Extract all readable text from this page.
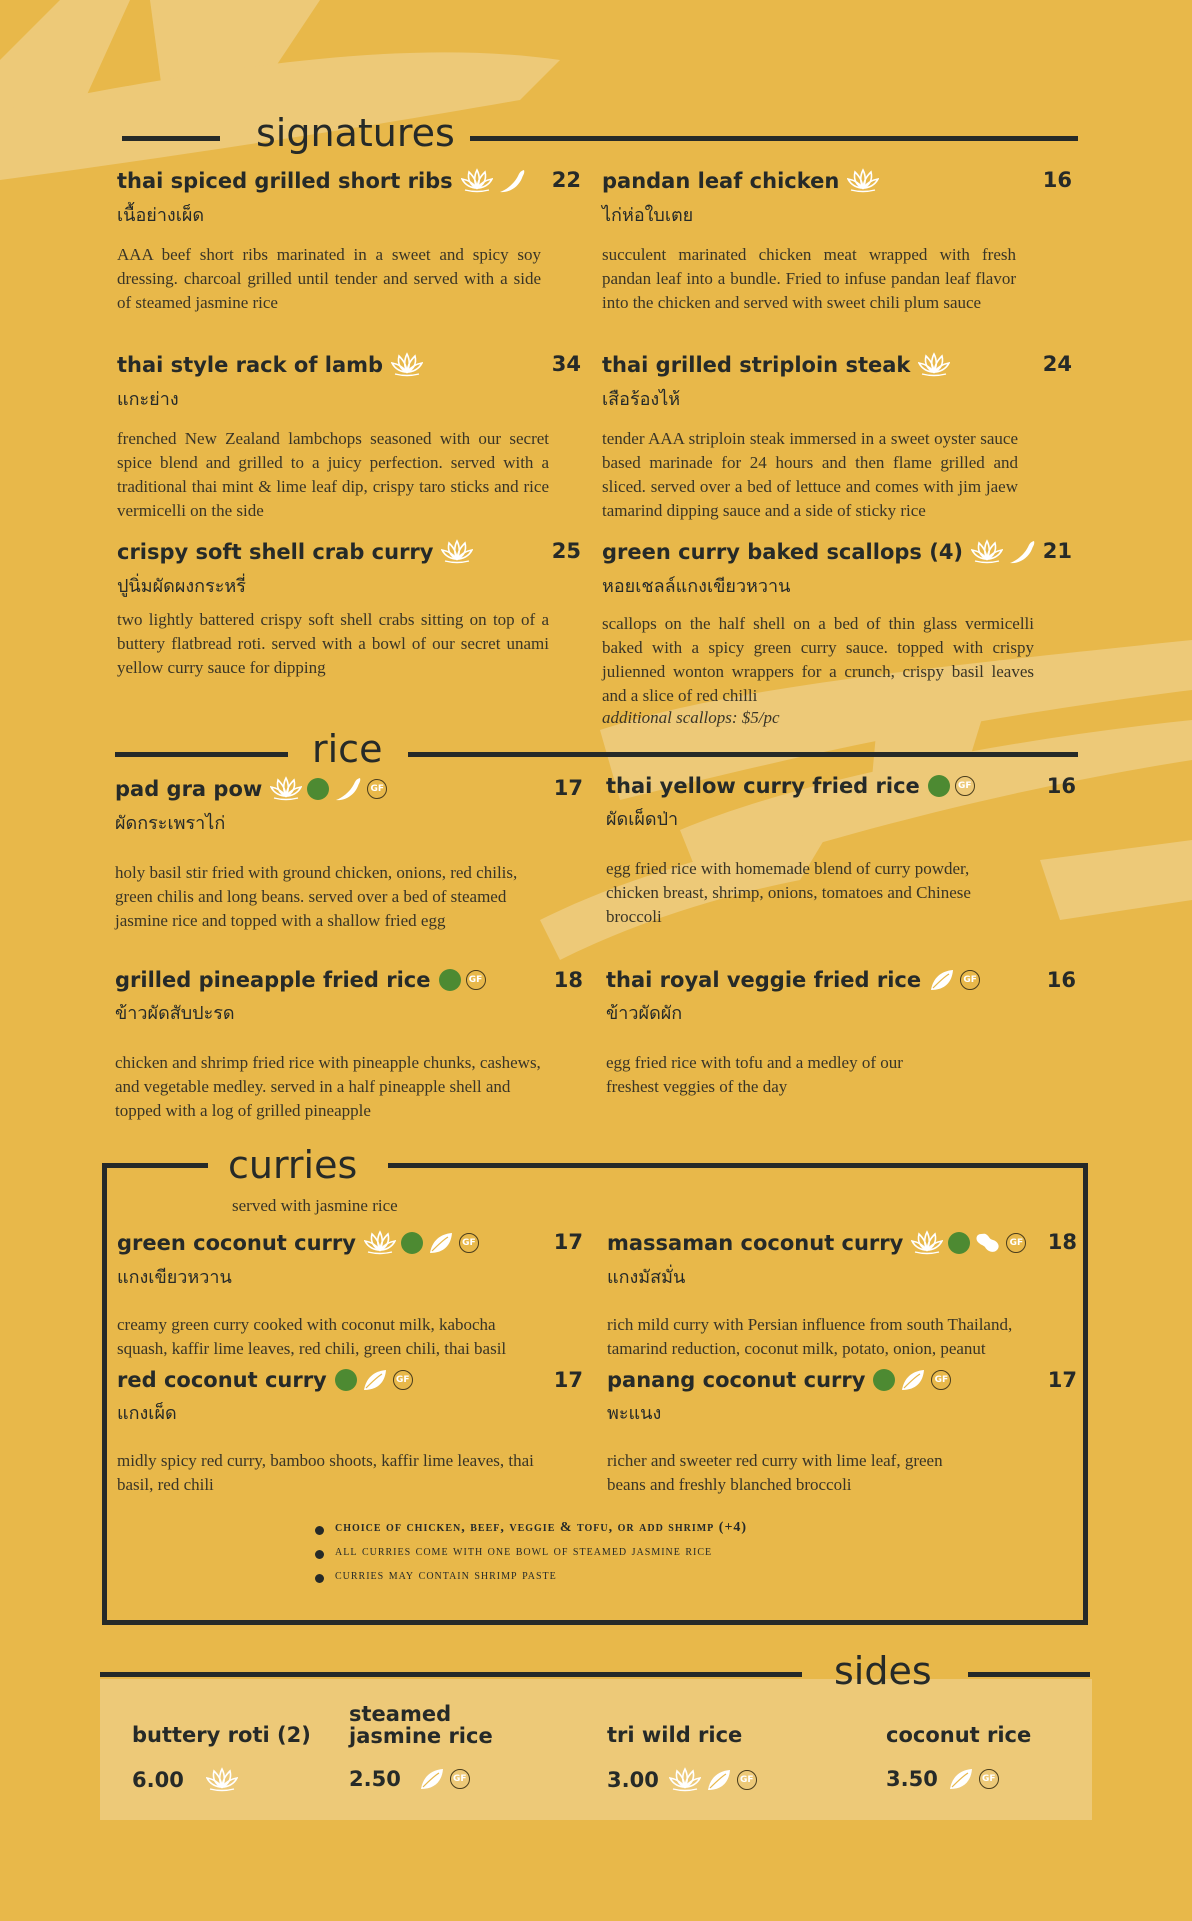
signatures
thai spiced grilled short ribs	22
เนื้อย่างเผ็ด
AAA beef short ribs marinated in a sweet and spicy soy dressing. charcoal grilled until tender and served with a side of steamed jasmine rice
pandan leaf chicken	16
ไก่ห่อใบเตย
succulent marinated chicken meat wrapped with fresh pandan leaf into a bundle. Fried to infuse pandan leaf flavor into the chicken and served with sweet chili plum sauce
thai style rack of lamb	34
แกะย่าง
frenched New Zealand lambchops seasoned with our secret spice blend and grilled to a juicy perfection. served with a traditional thai mint & lime leaf dip, crispy taro sticks and rice vermicelli on the side
thai grilled striploin steak	24
เสือร้องไห้
tender AAA striploin steak immersed in a sweet oyster sauce based marinade for 24 hours and then flame grilled and sliced. served over a bed of lettuce and comes with jim jaew tamarind dipping sauce and a side of sticky rice
crispy soft shell crab curry	25
ปูนิ่มผัดผงกระหรี่
two lightly battered crispy soft shell crabs sitting on top of a buttery flatbread roti. served with a bowl of our secret unami yellow curry sauce for dipping
green curry baked scallops (4)	21
หอยเชลล์แกงเขียวหวาน
scallops on the half shell on a bed of thin glass vermicelli baked with a spicy green curry sauce. topped with crispy julienned wonton wrappers for a crunch, crispy basil leaves and a slice of red chilli
additional scallops: $5/pc
rice
pad gra pow	GF	17
ผัดกระเพราไก่
holy basil stir fried with ground chicken, onions, red chilis, green chilis and long beans. served over a bed of steamed jasmine rice and topped with a shallow fried egg
thai yellow curry fried rice	GF	16
ผัดเผ็ดป่า
egg fried rice with homemade blend of curry powder, chicken breast, shrimp, onions, tomatoes and Chinese broccoli
grilled pineapple fried rice	GF	18
ข้าวผัดสับปะรด
chicken and shrimp fried rice with pineapple chunks, cashews, and vegetable medley. served in a half pineapple shell and topped with a log of grilled pineapple
thai royal veggie fried rice	GF	16
ข้าวผัดผัก
egg fried rice with tofu and a medley of our freshest veggies of the day
curries
served with jasmine rice
green coconut curry	GF	17
แกงเขียวหวาน
creamy green curry cooked with coconut milk, kabocha squash, kaffir lime leaves, red chili, green chili, thai basil
massaman coconut curry	GF 18
แกงมัสมั่น
rich mild curry with Persian influence from south Thailand, tamarind reduction, coconut milk, potato, onion, peanut
red coconut curry	GF	17
แกงเผ็ด
midly spicy red curry, bamboo shoots, kaffir lime leaves, thai basil, red chili
panang coconut curry	GF	17
พะแนง
richer and sweeter red curry with lime leaf, green beans and freshly blanched broccoli
choice of chicken, beef, veggie & tofu, or add shrimp (+4)
all curries come with one bowl of steamed jasmine rice
curries may contain shrimp paste
sides
buttery roti (2)
6.00
steamed jasmine rice
2.50	GF
tri wild rice
3.00	GF
coconut rice
3.50	GF
